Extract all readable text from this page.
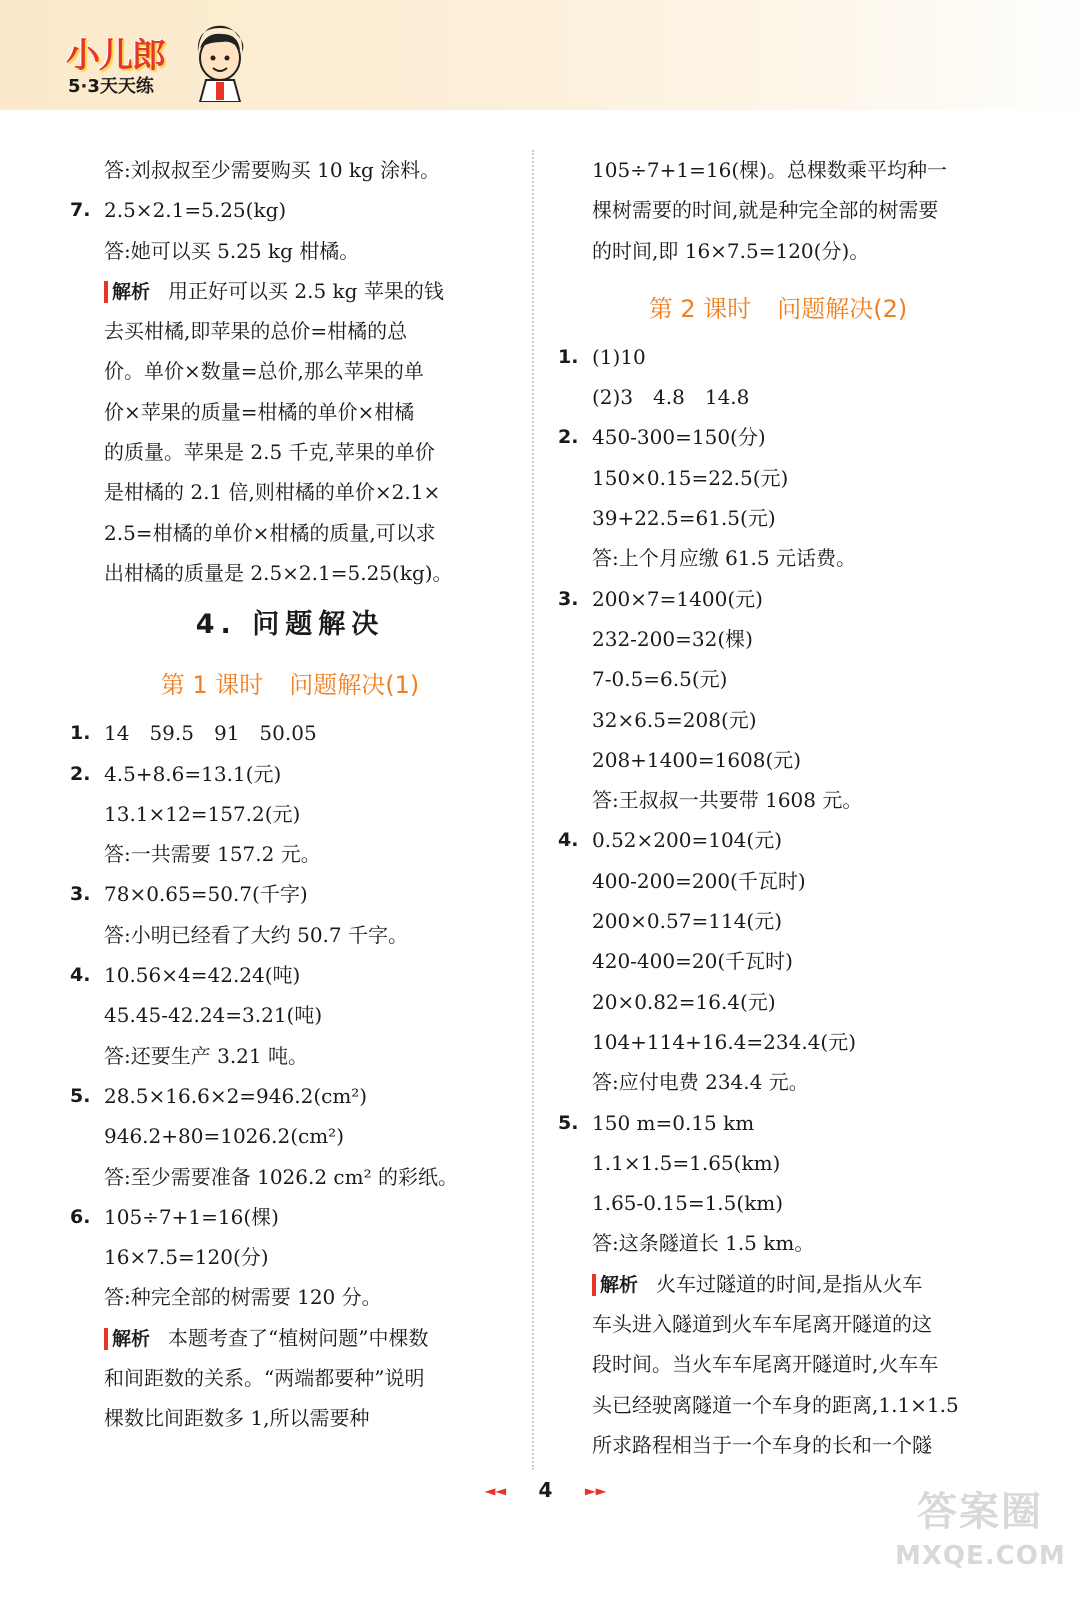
小儿郎
5·3天天练
答:刘叔叔至少需要购买 10 kg 涂料。
7. 2.5×2.1=5.25(kg)
答:她可以买 5.25 kg 柑橘。
解析 用正好可以买 2.5 kg 苹果的钱
去买柑橘,即苹果的总价=柑橘的总
价。单价×数量=总价,那么苹果的单
价×苹果的质量=柑橘的单价×柑橘
的质量。苹果是 2.5 千克,苹果的单价
是柑橘的 2.1 倍,则柑橘的单价×2.1×
2.5=柑橘的单价×柑橘的质量,可以求
出柑橘的质量是 2.5×2.1=5.25(kg)。
4. 问题解决
第 1 课时 问题解决(1)
1. 14　59.5　91　50.05
2. 4.5+8.6=13.1(元)
13.1×12=157.2(元)
答:一共需要 157.2 元。
3. 78×0.65=50.7(千字)
答:小明已经看了大约 50.7 千字。
4. 10.56×4=42.24(吨)
45.45-42.24=3.21(吨)
答:还要生产 3.21 吨。
5. 28.5×16.6×2=946.2(cm²)
946.2+80=1026.2(cm²)
答:至少需要准备 1026.2 cm² 的彩纸。
6. 105÷7+1=16(棵)
16×7.5=120(分)
答:种完全部的树需要 120 分。
解析 本题考查了“植树问题”中棵数
和间距数的关系。“两端都要种”说明
棵数比间距数多 1,所以需要种
105÷7+1=16(棵)。总棵数乘平均种一
棵树需要的时间,就是种完全部的树需要
的时间,即 16×7.5=120(分)。
第 2 课时 问题解决(2)
1. (1)10
(2)3　4.8　14.8
2. 450-300=150(分)
150×0.15=22.5(元)
39+22.5=61.5(元)
答:上个月应缴 61.5 元话费。
3. 200×7=1400(元)
232-200=32(棵)
7-0.5=6.5(元)
32×6.5=208(元)
208+1400=1608(元)
答:王叔叔一共要带 1608 元。
4. 0.52×200=104(元)
400-200=200(千瓦时)
200×0.57=114(元)
420-400=20(千瓦时)
20×0.82=16.4(元)
104+114+16.4=234.4(元)
答:应付电费 234.4 元。
5. 150 m=0.15 km
1.1×1.5=1.65(km)
1.65-0.15=1.5(km)
答:这条隧道长 1.5 km。
解析 火车过隧道的时间,是指从火车
车头进入隧道到火车车尾离开隧道的这
段时间。当火车车尾离开隧道时,火车车
头已经驶离隧道一个车身的距离,1.1×1.5
所求路程相当于一个车身的长和一个隧
◄◄ 4 ►►	答案圈
MXQE.COM
